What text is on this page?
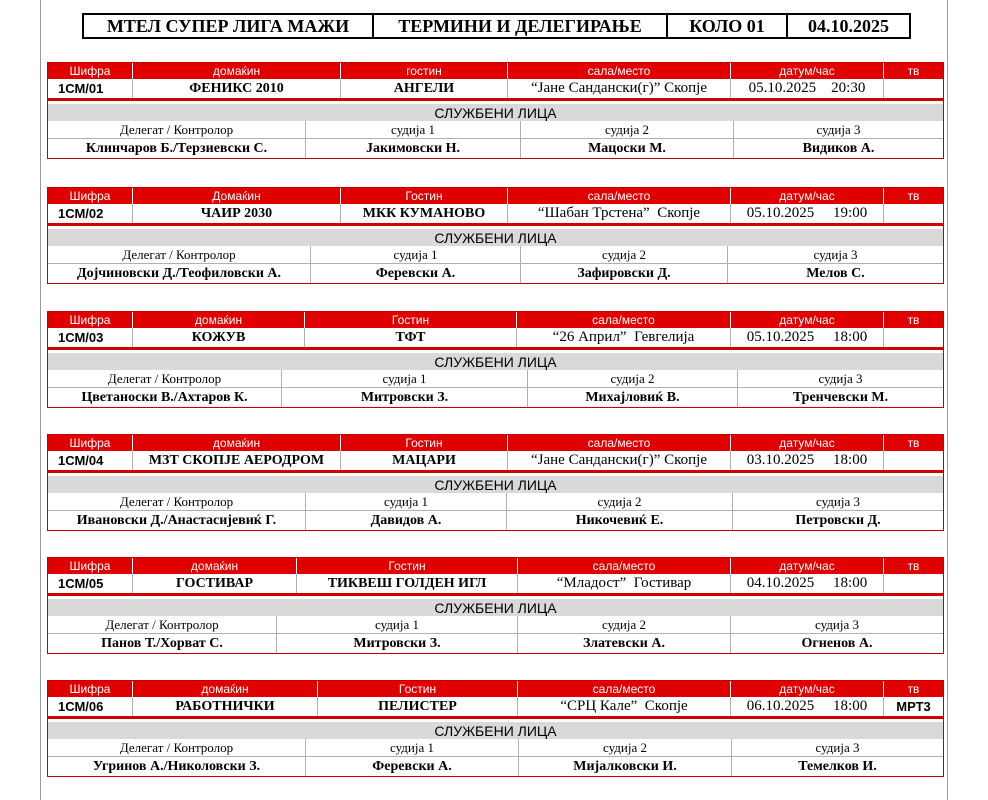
МТЕЛ СУПЕР ЛИГА МАЖИ	ТЕРМИНИ И ДЕЛЕГИРАЊЕ	КОЛО 01	04.10.2025
Шифра	домаќин	гостин	сала/место	датум/час	тв
1СМ/01	ФЕНИКС 2010	АНГЕЛИ	“Јане Сандански(г)” Скопје	05.10.2025    20:30
СЛУЖБЕНИ ЛИЦА
Делегат / Контролор	судија 1	судија 2	судија 3
Клинчаров Б./Терзиевски С.	Јакимовски Н.	Мацоски М.	Видиков А.
Шифра	Домаќин	Гостин	сала/место	датум/час	тв
1СМ/02	ЧАИР 2030	МКК КУМАНОВО	“Шабан Трстена”  Скопје	05.10.2025     19:00
СЛУЖБЕНИ ЛИЦА
Делегат / Контролор	судија 1	судија 2	судија 3
Дојчиновски Д./Теофиловски А.	Феревски А.	Зафировски Д.	Мелов С.
Шифра	домаќин	Гостин	сала/место	датум/час	тв
1СМ/03	КОЖУВ	ТФТ	“26 Април”  Гевгелија	05.10.2025     18:00
СЛУЖБЕНИ ЛИЦА
Делегат / Контролор	судија 1	судија 2	судија 3
Цветаноски В./Ахтаров К.	Митровски З.	Михајловиќ В.	Тренчевски М.
Шифра	домаќин	Гостин	сала/место	датум/час	тв
1СМ/04	МЗТ СКОПЈЕ АЕРОДРОМ	МАЦАРИ	“Јане Сандански(г)” Скопје	03.10.2025     18:00
СЛУЖБЕНИ ЛИЦА
Делегат / Контролор	судија 1	судија 2	судија 3
Ивановски Д./Анастасијевиќ Г.	Давидов А.	Никочевиќ Е.	Петровски Д.
Шифра	домаќин	Гостин	сала/место	датум/час	тв
1СМ/05	ГОСТИВАР	ТИКВЕШ ГОЛДЕН ИГЛ	“Младост”  Гостивар	04.10.2025     18:00
СЛУЖБЕНИ ЛИЦА
Делегат / Контролор	судија 1	судија 2	судија 3
Панов Т./Хорват С.	Митровски З.	Златевски А.	Огненов А.
Шифра	домаќин	Гостин	сала/место	датум/час	тв
1СМ/06	РАБОТНИЧКИ	ПЕЛИСТЕР	“СРЦ Кале”  Скопје	06.10.2025     18:00	МРТ3
СЛУЖБЕНИ ЛИЦА
Делегат / Контролор	судија 1	судија 2	судија 3
Угринов А./Николовски З.	Феревски А.	Мијалковски И.	Темелков И.
